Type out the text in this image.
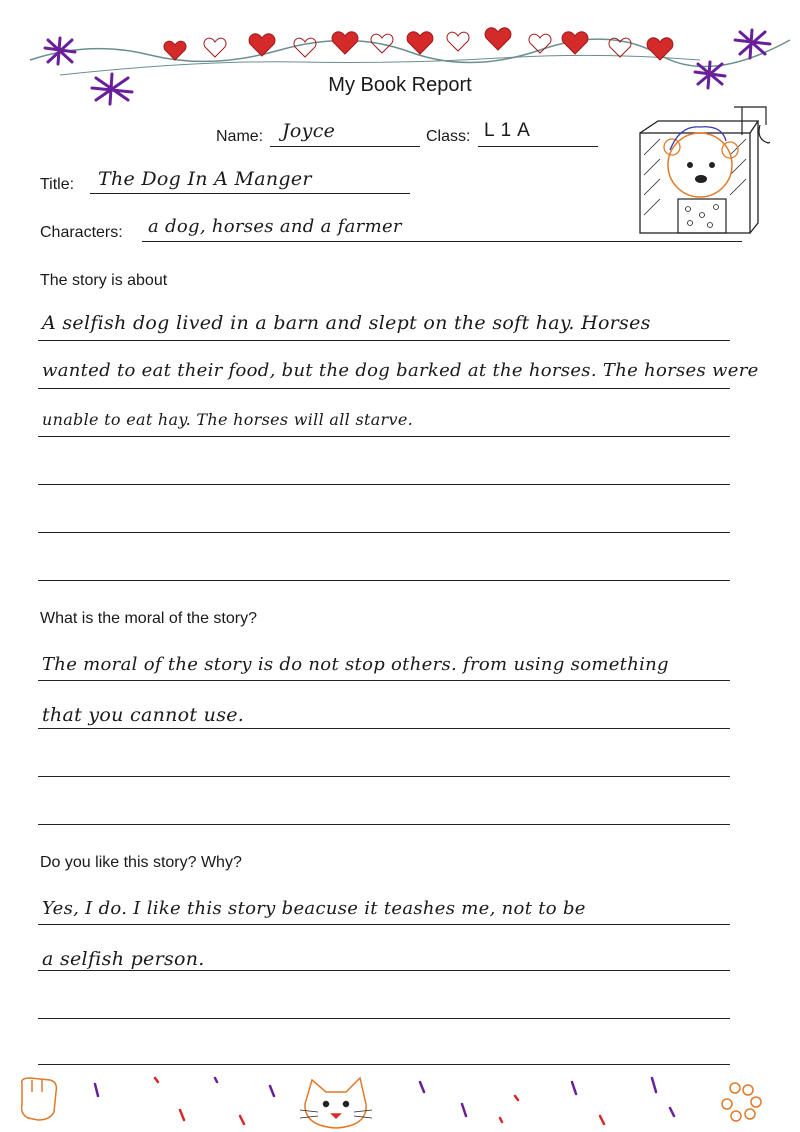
My Book Report
Name: Joyce	Class: L1A
Title: The Dog In A Manger
Characters: a dog, horses and a farmer
The story is about
A selfish dog lived in a barn and slept on the soft hay. Horses
wanted to eat their food, but the dog barked at the horses. The horses were
unable to eat hay. The horses will all starve.
What is the moral of the story?
The moral of the story is do not stop others. from using something
that you cannot use.
Do you like this story? Why?
Yes, I do. I like this story beacuse it teashes me, not to be
a selfish person.
